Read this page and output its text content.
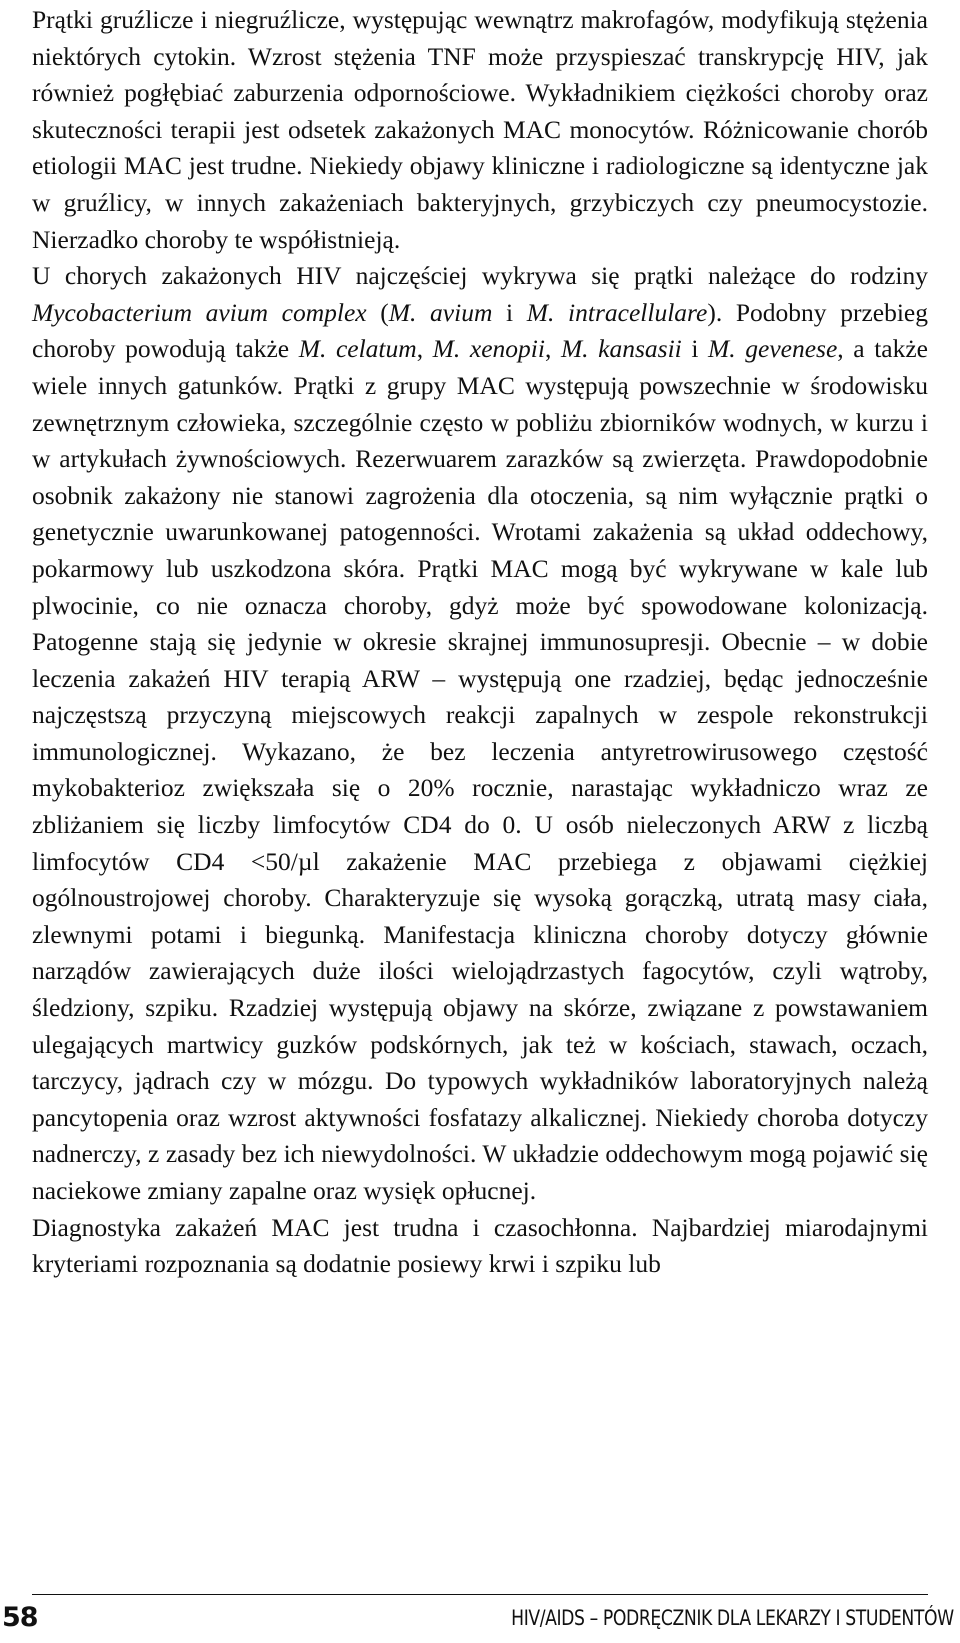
Prątki gruźlicze i niegruźlicze, występując wewnątrz makrofagów, modyfikują stężenia niektórych cytokin. Wzrost stężenia TNF może przyspieszać transkrypcję HIV, jak również pogłębiać zaburzenia odpornościowe. Wykładnikiem ciężkości choroby oraz skuteczności terapii jest odsetek zakażonych MAC monocytów. Różnicowanie chorób etiologii MAC jest trudne. Niekiedy objawy kliniczne i radiologiczne są identyczne jak w gruźlicy, w innych zakażeniach bakteryjnych, grzybiczych czy pneumocystozie. Nierzadko choroby te współistnieją.

U chorych zakażonych HIV najczęściej wykrywa się prątki należące do rodziny Mycobacterium avium complex (M. avium i M. intracellulare). Podobny przebieg choroby powodują także M. celatum, M. xenopii, M. kansasii i M. gevenese, a także wiele innych gatunków. Prątki z grupy MAC występują powszechnie w środowisku zewnętrznym człowieka, szczególnie często w pobliżu zbiorników wodnych, w kurzu i w artykułach żywnościowych. Rezerwuarem zarazków są zwierzęta. Prawdopodobnie osobnik zakażony nie stanowi zagrożenia dla otoczenia, są nim wyłącznie prątki o genetycznie uwarunkowanej patogenności. Wrotami zakażenia są układ oddechowy, pokarmowy lub uszkodzona skóra. Prątki MAC mogą być wykrywane w kale lub plwocinie, co nie oznacza choroby, gdyż może być spowodowane kolonizacją. Patogenne stają się jedynie w okresie skrajnej immunosupresji. Obecnie – w dobie leczenia zakażeń HIV terapią ARW – występują one rzadziej, będąc jednocześnie najczęstszą przyczyną miejscowych reakcji zapalnych w zespole rekonstrukcji immunologicznej. Wykazano, że bez leczenia antyretrowirusowego częstość mykobakterioz zwiększała się o 20% rocznie, narastając wykładniczo wraz ze zbliżaniem się liczby limfocytów CD4 do 0. U osób nieleczonych ARW z liczbą limfocytów CD4 <50/µl zakażenie MAC przebiega z objawami ciężkiej ogólnoustrojowej choroby. Charakteryzuje się wysoką gorączką, utratą masy ciała, zlewnymi potami i biegunką. Manifestacja kliniczna choroby dotyczy głównie narządów zawierających duże ilości wielojądrzastych fagocytów, czyli wątroby, śledziony, szpiku. Rzadziej występują objawy na skórze, związane z powstawaniem ulegających martwicy guzków podskórnych, jak też w kościach, stawach, oczach, tarczycy, jądrach czy w mózgu. Do typowych wykładników laboratoryjnych należą pancytopenia oraz wzrost aktywności fosfatazy alkalicznej. Niekiedy choroba dotyczy nadnerczy, z zasady bez ich niewydolności. W układzie oddechowym mogą pojawić się naciekowe zmiany zapalne oraz wysięk opłucnej.

Diagnostyka zakażeń MAC jest trudna i czasochłonna. Najbardziej miarodajnymi kryteriami rozpoznania są dodatnie posiewy krwi i szpiku lub

58	HIV/AIDS – PODRĘCZNIK DLA LEKARZY I STUDENTÓW
